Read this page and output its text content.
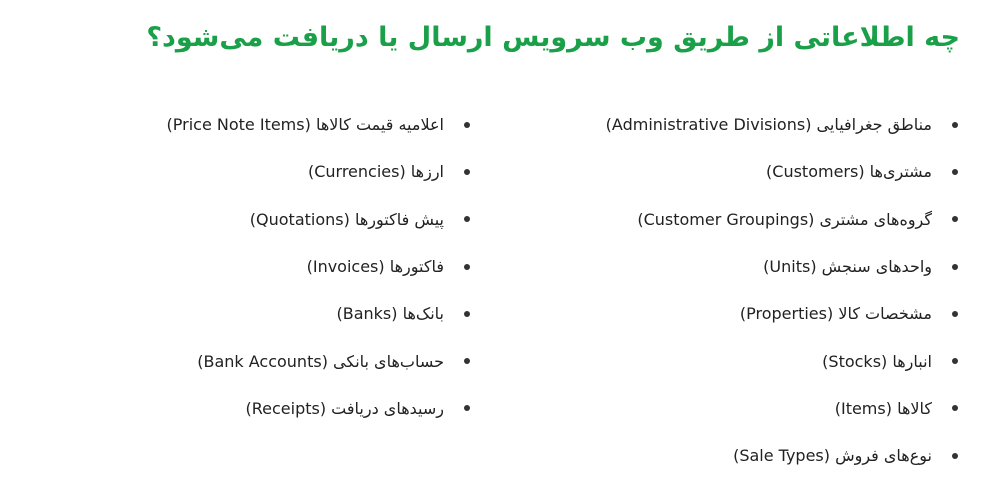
چه اطلاعاتی از طریق وب سرویس ارسال یا دریافت می‌شود؟
مناطق جغرافیایی (Administrative Divisions)
مشتری‌ها (Customers)
گروه‌های مشتری (Customer Groupings)
واحدهای سنجش (Units)
مشخصات کالا (Properties)
انبارها (Stocks)
کالاها (Items)
نوع‌های فروش (Sale Types)
اعلامیه قیمت کالاها (Price Note Items)
ارزها (Currencies)
پیش فاکتورها (Quotations)
فاکتورها (Invoices)
بانک‌ها (Banks)
حساب‌های بانکی (Bank Accounts)
رسیدهای دریافت (Receipts)
